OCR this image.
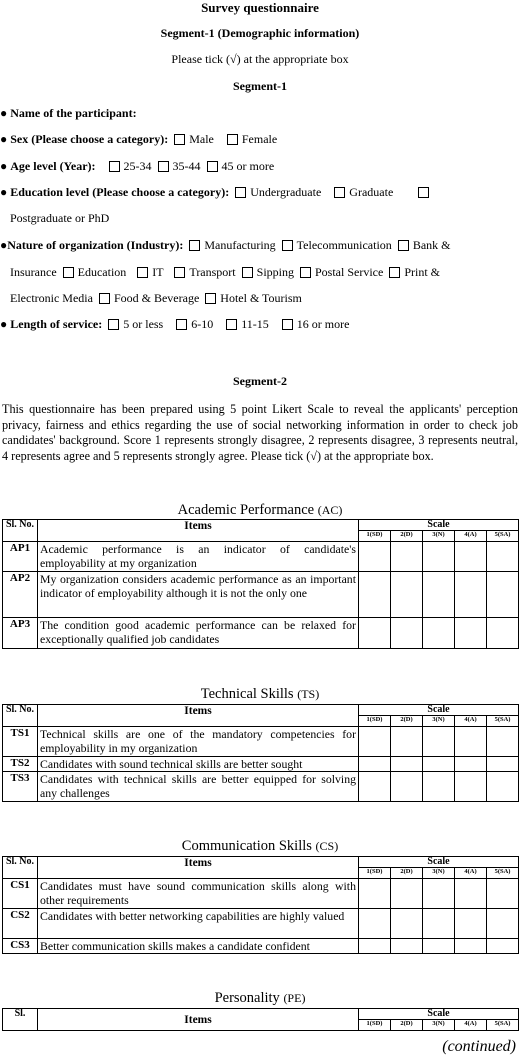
Survey questionnaire
Segment-1 (Demographic information)
Please tick (√) at the appropriate box
Segment-1
● Name of the participant:
● Sex (Please choose a category): Male Female
● Age level (Year): 25-34 35-44 45 or more
● Education level (Please choose a category): Undergraduate Graduate
Postgraduate or PhD
●Nature of organization (Industry): Manufacturing Telecommunication Bank &
Insurance Education IT Transport Sipping Postal Service Print &
Electronic Media Food & Beverage Hotel & Tourism
● Length of service: 5 or less 6-10 11-15 16 or more
Segment-2
This questionnaire has been prepared using 5 point Likert Scale to reveal the applicants' perception privacy, fairness and ethics regarding the use of social networking information in order to check job candidates' background. Score 1 represents strongly disagree, 2 represents disagree, 3 represents neutral, 4 represents agree and 5 represents strongly agree. Please tick (√) at the appropriate box.
Academic Performance (AC)
Sl. No.	Items	Scale				
		1(SD)	2(D)	3(N)	4(A)	5(SA)
AP1	Academic performance is an indicator of candidate's employability at my organization					
AP2	My organization considers academic performance as an important indicator of employability although it is not the only one					
AP3	The condition good academic performance can be relaxed for exceptionally qualified job candidates					
Technical Skills (TS)
Sl. No.	Items	Scale				
		1(SD)	2(D)	3(N)	4(A)	5(SA)
TS1	Technical skills are one of the mandatory competencies for employability in my organization					
TS2	Candidates with sound technical skills are better sought					
TS3	Candidates with technical skills are better equipped for solving any challenges					
Communication Skills (CS)
Sl. No.	Items	Scale				
		1(SD)	2(D)	3(N)	4(A)	5(SA)
CS1	Candidates must have sound communication skills along with other requirements					
CS2	Candidates with better networking capabilities are highly valued					
CS3	Better communication skills makes a candidate confident					
Personality (PE)
Sl.	Items	Scale				
		1(SD)	2(D)	3(N)	4(A)	5(SA)
(continued)
